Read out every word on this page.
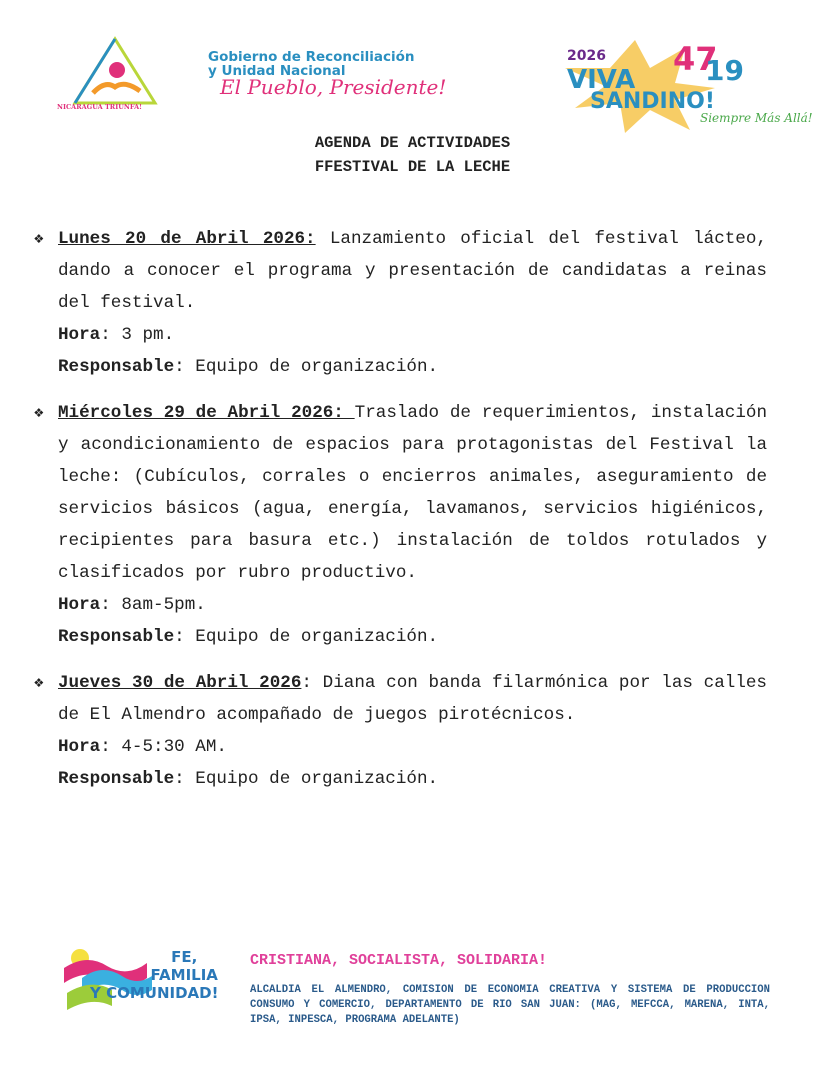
NICARAGUA TRIUNFA!
Gobierno de Reconciliación
y Unidad Nacional
El Pueblo, Presidente!
2026 47
19
VIVA
SANDINO!
Siempre Más Allá!
AGENDA DE ACTIVIDADES
FFESTIVAL DE LA LECHE
❖ Lunes 20 de Abril 2026: Lanzamiento oficial del festival lácteo, dando a conocer el programa y presentación de candidatas a reinas del festival.

Hora: 3 pm.

Responsable: Equipo de organización.

❖ Miércoles 29 de Abril 2026: Traslado de requerimientos, instalación y acondicionamiento de espacios para protagonistas del Festival la leche: (Cubículos, corrales o encierros animales, aseguramiento de servicios básicos (agua, energía, lavamanos, servicios higiénicos, recipientes para basura etc.) instalación de toldos rotulados y clasificados por rubro productivo.

Hora: 8am-5pm.

Responsable: Equipo de organización.

❖ Jueves 30 de Abril 2026: Diana con banda filarmónica por las calles de El Almendro acompañado de juegos pirotécnicos.

Hora: 4-5:30 AM.

Responsable: Equipo de organización.

FE,
FAMILIA
Y COMUNIDAD!
CRISTIANA, SOCIALISTA, SOLIDARIA!
ALCALDIA EL ALMENDRO, COMISION DE ECONOMIA CREATIVA Y SISTEMA DE PRODUCCION CONSUMO Y COMERCIO, DEPARTAMENTO DE RIO SAN JUAN: (MAG, MEFCCA, MARENA, INTA, IPSA, INPESCA, PROGRAMA ADELANTE)
